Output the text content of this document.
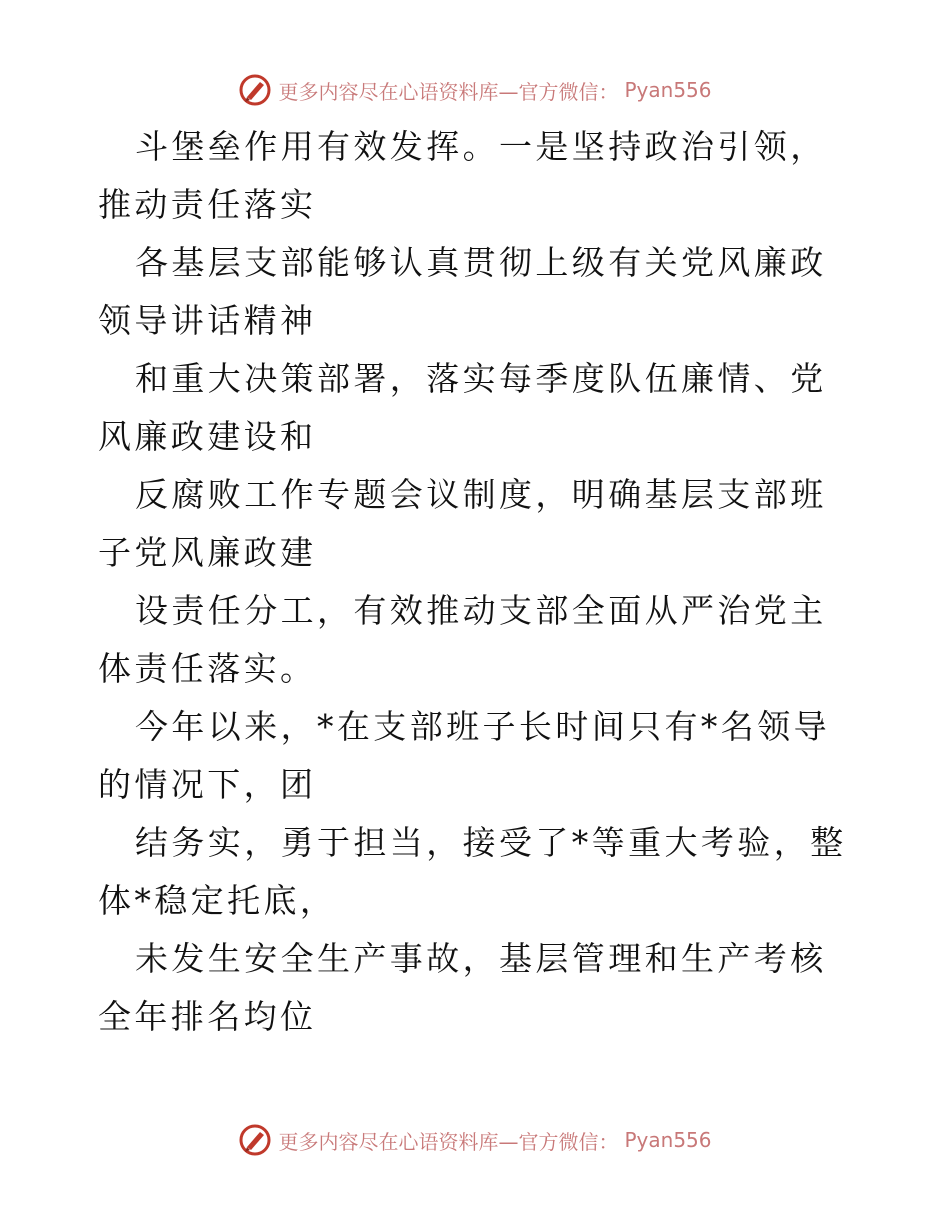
更多内容尽在心语资料库—官方微信： Pyan556

斗堡垒作用有效发挥。一是坚持政治引领，推动责任落实

各基层支部能够认真贯彻上级有关党风廉政领导讲话精神

和重大决策部署，落实每季度队伍廉情、党风廉政建设和

反腐败工作专题会议制度，明确基层支部班子党风廉政建

设责任分工，有效推动支部全面从严治党主体责任落实。

今年以来，*在支部班子长时间只有*名领导的情况下，团

结务实，勇于担当，接受了*等重大考验，整体*稳定托底，

未发生安全生产事故，基层管理和生产考核全年排名均位

更多内容尽在心语资料库—官方微信： Pyan556
